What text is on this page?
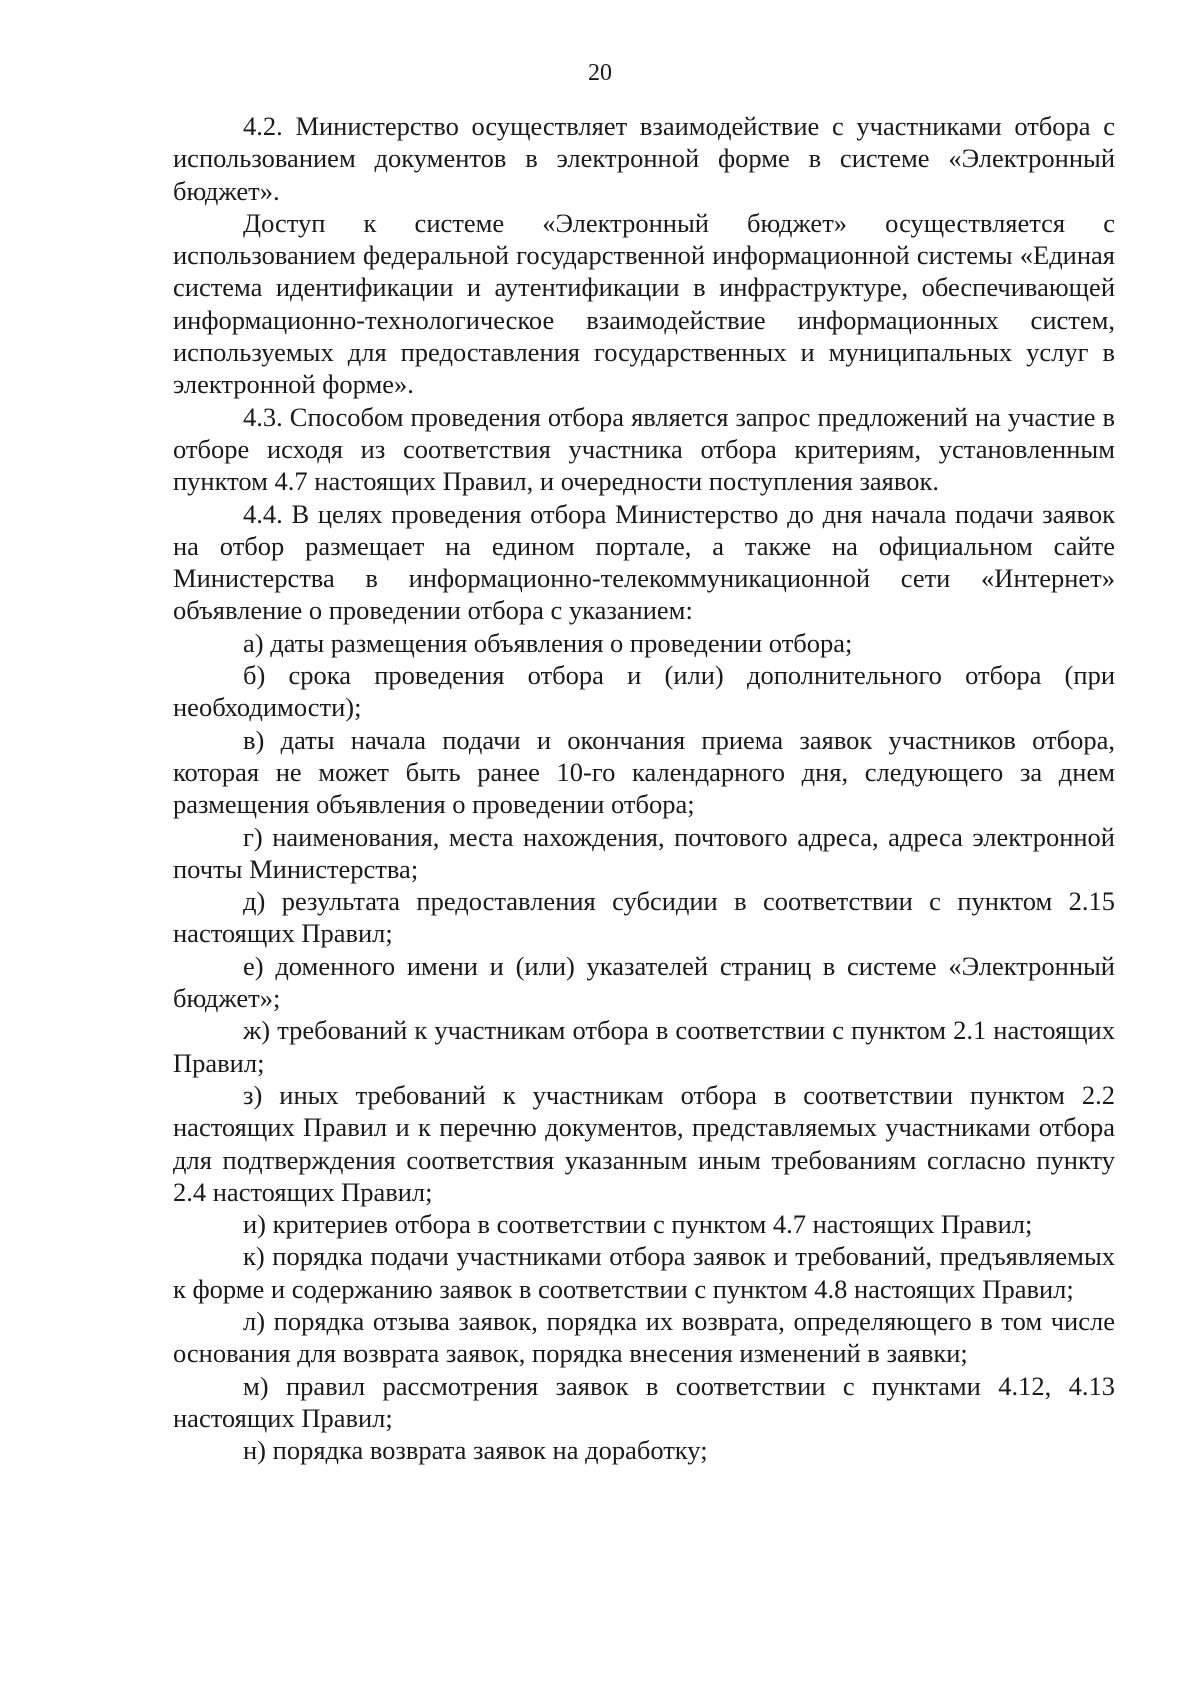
20

4.2. Министерство осуществляет взаимодействие с участниками отбора с использованием документов в электронной форме в системе «Электронный бюджет».

Доступ к системе «Электронный бюджет» осуществляется с использованием федеральной государственной информационной системы «Единая система идентификации и аутентификации в инфраструктуре, обеспечивающей информационно-технологическое взаимодействие информационных систем, используемых для предоставления государственных и муниципальных услуг в электронной форме».

4.3. Способом проведения отбора является запрос предложений на участие в отборе исходя из соответствия участника отбора критериям, установленным пунктом 4.7 настоящих Правил, и очередности поступления заявок.

4.4. В целях проведения отбора Министерство до дня начала подачи заявок на отбор размещает на едином портале, а также на официальном сайте Министерства в информационно-телекоммуникационной сети «Интернет» объявление о проведении отбора с указанием:

а) даты размещения объявления о проведении отбора;

б) срока проведения отбора и (или) дополнительного отбора (при необходимости);

в) даты начала подачи и окончания приема заявок участников отбора, которая не может быть ранее 10-го календарного дня, следующего за днем размещения объявления о проведении отбора;

г) наименования, места нахождения, почтового адреса, адреса электронной почты Министерства;

д) результата предоставления субсидии в соответствии с пунктом 2.15 настоящих Правил;

е) доменного имени и (или) указателей страниц в системе «Электронный бюджет»;

ж) требований к участникам отбора в соответствии с пунктом 2.1 настоящих Правил;

з) иных требований к участникам отбора в соответствии пунктом 2.2 настоящих Правил и к перечню документов, представляемых участниками отбора для подтверждения соответствия указанным иным требованиям согласно пункту 2.4 настоящих Правил;

и) критериев отбора в соответствии с пунктом 4.7 настоящих Правил;

к) порядка подачи участниками отбора заявок и требований, предъявляемых к форме и содержанию заявок в соответствии с пунктом 4.8 настоящих Правил;

л) порядка отзыва заявок, порядка их возврата, определяющего в том числе основания для возврата заявок, порядка внесения изменений в заявки;

м) правил рассмотрения заявок в соответствии с пунктами 4.12, 4.13 настоящих Правил;

н) порядка возврата заявок на доработку;
